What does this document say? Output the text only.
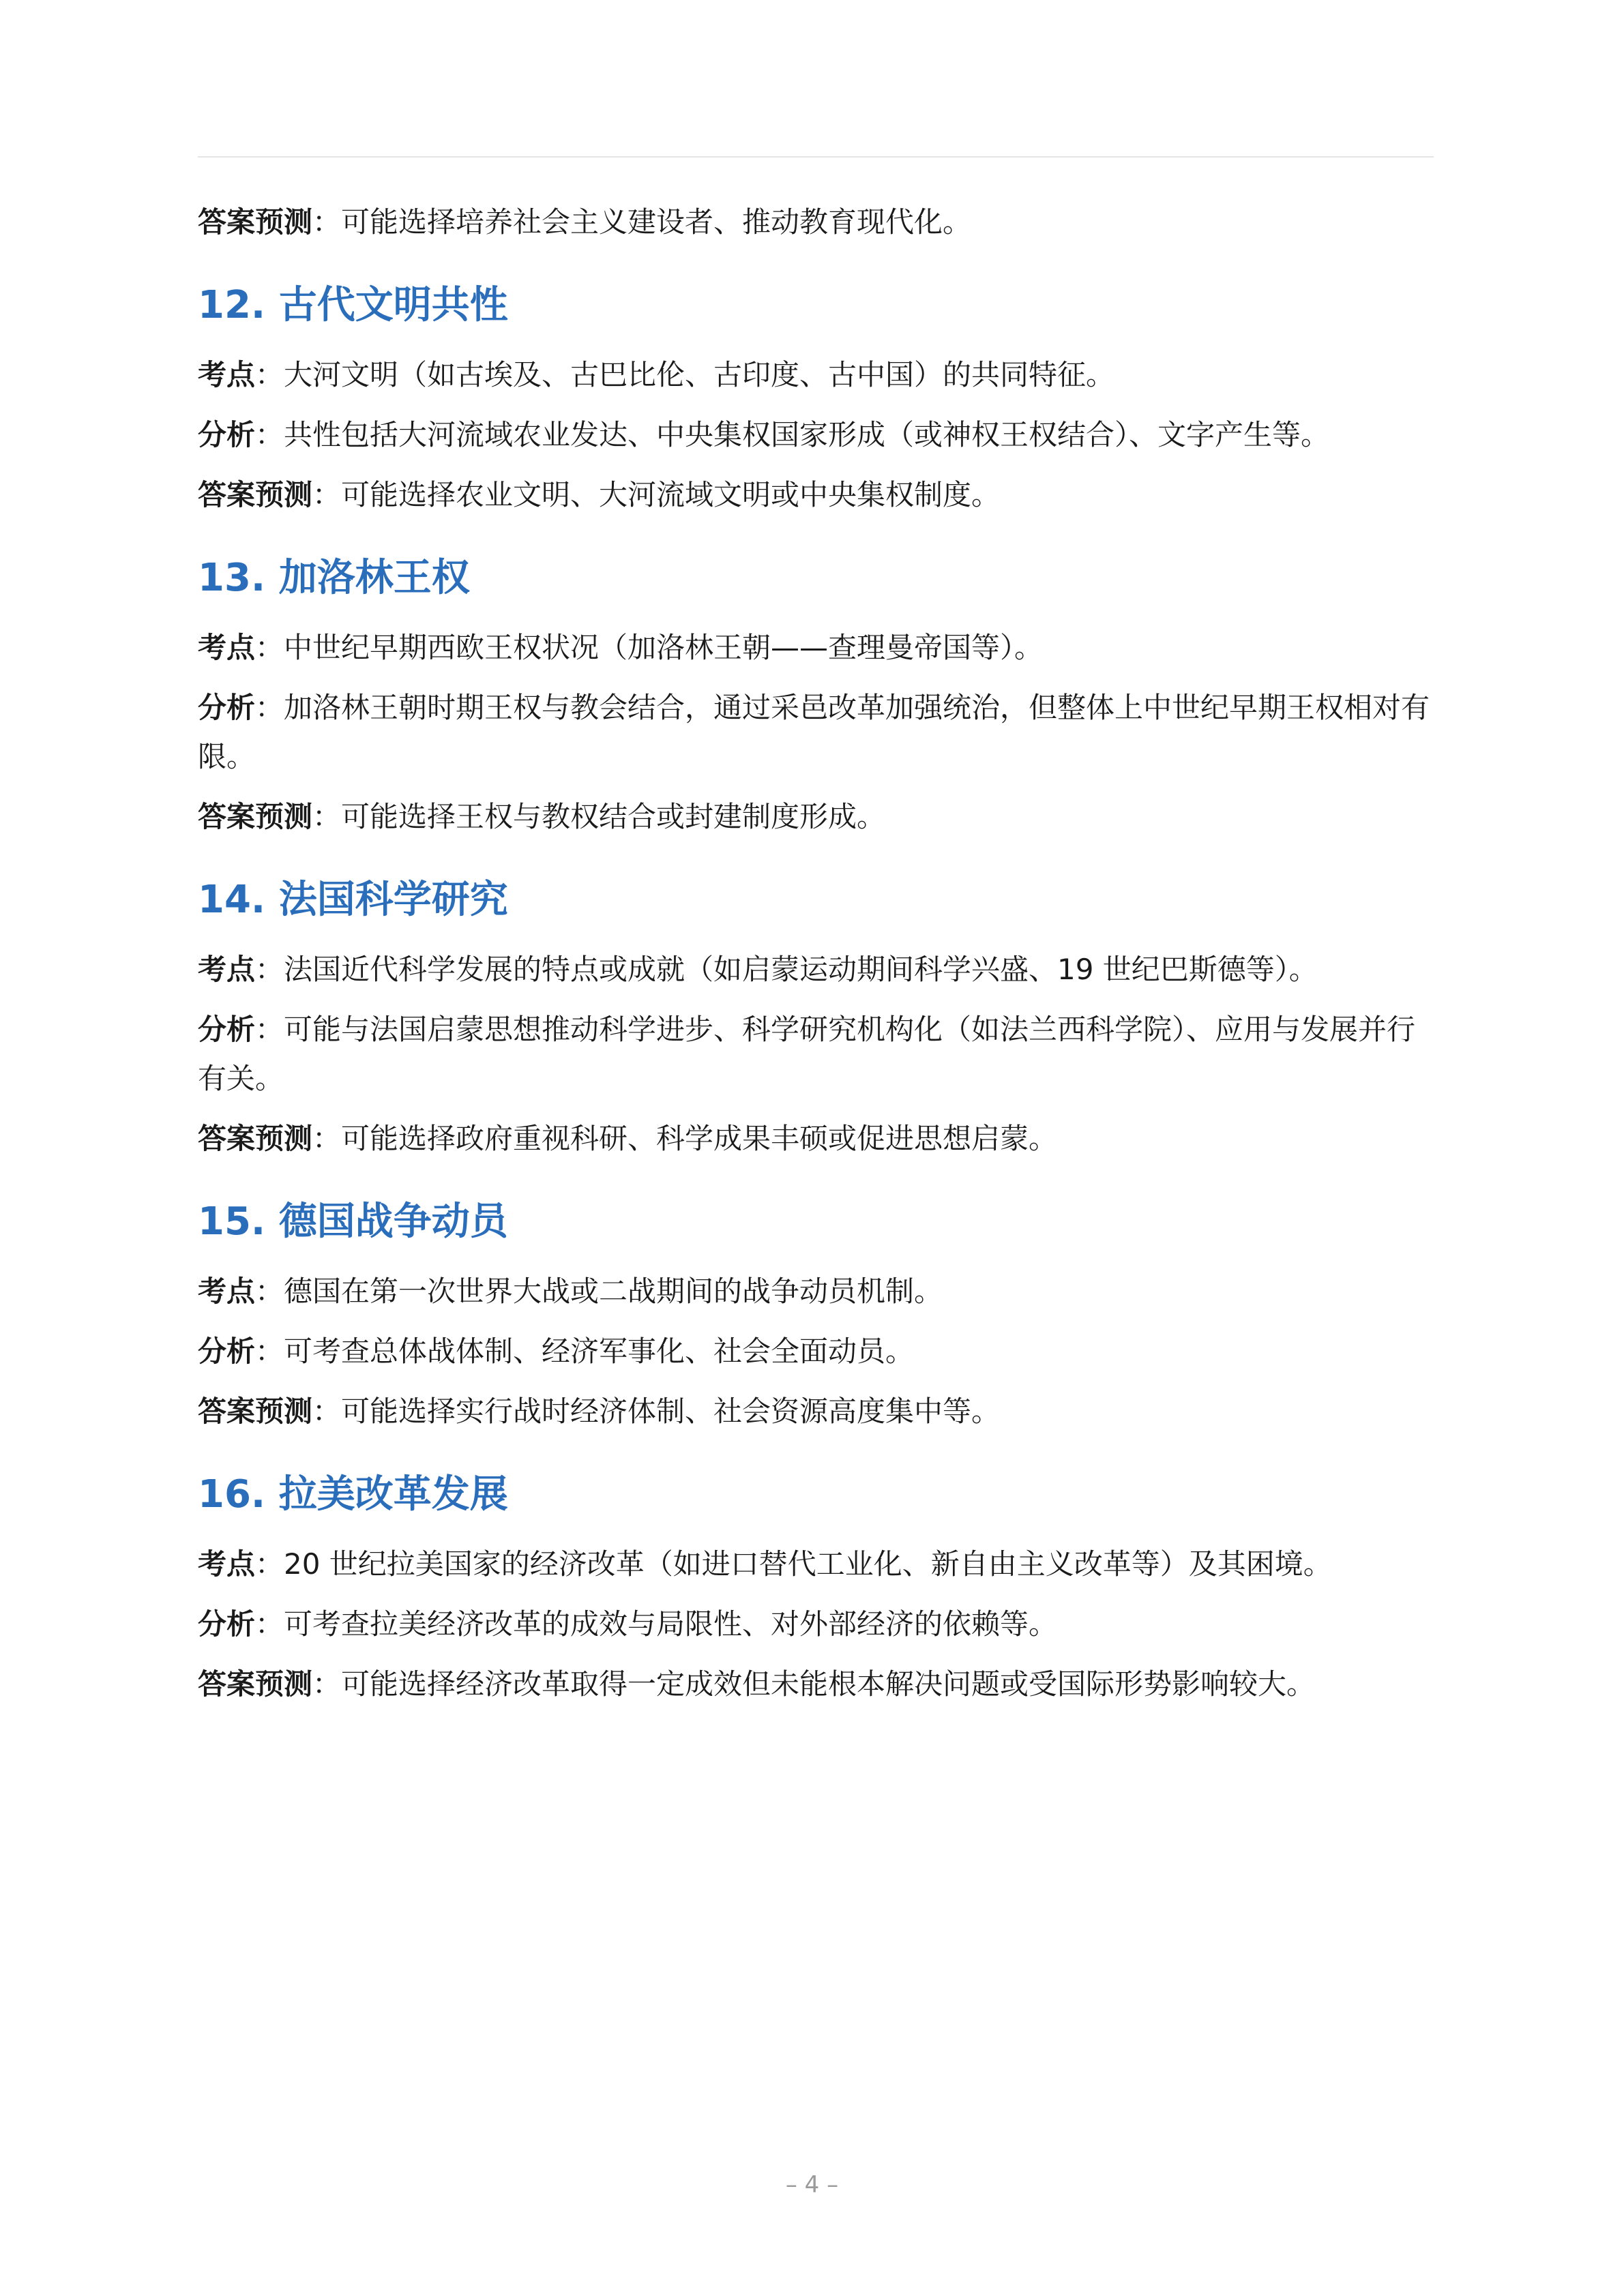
答案预测：可能选择培养社会主义建设者、推动教育现代化。

12. 古代文明共性

考点：大河文明（如古埃及、古巴比伦、古印度、古中国）的共同特征。

分析：共性包括大河流域农业发达、中央集权国家形成（或神权王权结合）、文字产生等。

答案预测：可能选择农业文明、大河流域文明或中央集权制度。

13. 加洛林王权

考点：中世纪早期西欧王权状况（加洛林王朝——查理曼帝国等）。

分析：加洛林王朝时期王权与教会结合，通过采邑改革加强统治，但整体上中世纪早期王权相对有限。

答案预测：可能选择王权与教权结合或封建制度形成。

14. 法国科学研究

考点：法国近代科学发展的特点或成就（如启蒙运动期间科学兴盛、19 世纪巴斯德等）。

分析：可能与法国启蒙思想推动科学进步、科学研究机构化（如法兰西科学院）、应用与发展并行有关。

答案预测：可能选择政府重视科研、科学成果丰硕或促进思想启蒙。

15. 德国战争动员

考点：德国在第一次世界大战或二战期间的战争动员机制。

分析：可考查总体战体制、经济军事化、社会全面动员。

答案预测：可能选择实行战时经济体制、社会资源高度集中等。

16. 拉美改革发展

考点：20 世纪拉美国家的经济改革（如进口替代工业化、新自由主义改革等）及其困境。

分析：可考查拉美经济改革的成效与局限性、对外部经济的依赖等。

答案预测：可能选择经济改革取得一定成效但未能根本解决问题或受国际形势影响较大。

– 4 –
